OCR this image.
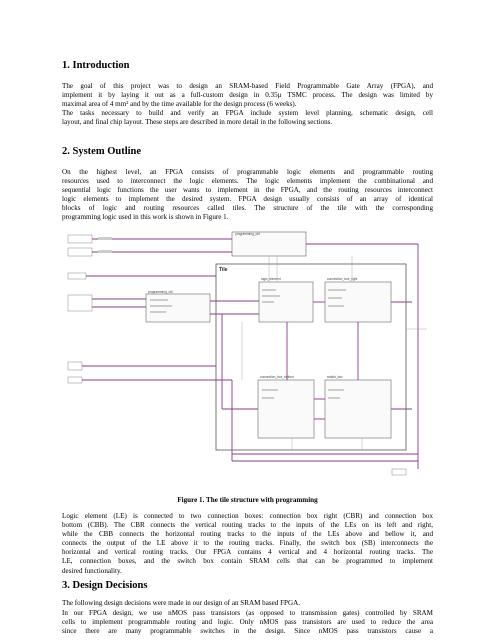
1. Introduction

The goal of this project was to design an SRAM-based Field Programmable Gate Array (FPGA), and
implement it by laying it out as a full-custom design in 0.35μ TSMC process. The design was limited by
maximal area of 4 mm² and by the time available for the design process (6 weeks).

The tasks necessary to build and verify an FPGA include system level planning, schematic design, cell
layout, and final chip layout. These steps are described in more detail in the following sections.

2. System Outline

On the highest level, an FPGA consists of programmable logic elements and programmable routing
resources used to interconnect the logic elements. The logic elements implement the combinational and
sequential logic functions the user wants to implement in the FPGA, and the routing resources interconnect
logic elements to implement the desired system. FPGA design usually consists of an array of identical
blocks of logic and routing resources called tiles. The structure of the tile with the corresponding
programming logic used in this work is shown in Figure 1.

programming_ctrl
Tile
programming_ctrl
logic_element	connection_box_right
connection_box_bottom	switch_box

Figure 1. The tile structure with programming

Logic element (LE) is connected to two connection boxes: connection box right (CBR) and connection box
bottom (CBB). The CBR connects the vertical routing tracks to the inputs of the LEs on its left and right,
while the CBB connects the horizontal routing tracks to the inputs of the LEs above and bellow it, and
connects the output of the LE above it to the routing tracks. Finally, the switch box (SB) interconnects the
horizontal and vertical routing tracks. Our FPGA contains 4 vertical and 4 horizontal routing tracks. The
LE, connection boxes, and the switch box contain SRAM cells that can be programmed to implement
desired functionality.

3. Design Decisions

The following design decisions were made in our design of an SRAM based FPGA.

In our FPGA design, we use nMOS pass transistors (as opposed to transmission gates) controlled by SRAM
cells to implement programmable routing and logic. Only nMOS pass transistors are used to reduce the area
since there are many programmable switches in the design. Since nMOS pass transistors cause a
